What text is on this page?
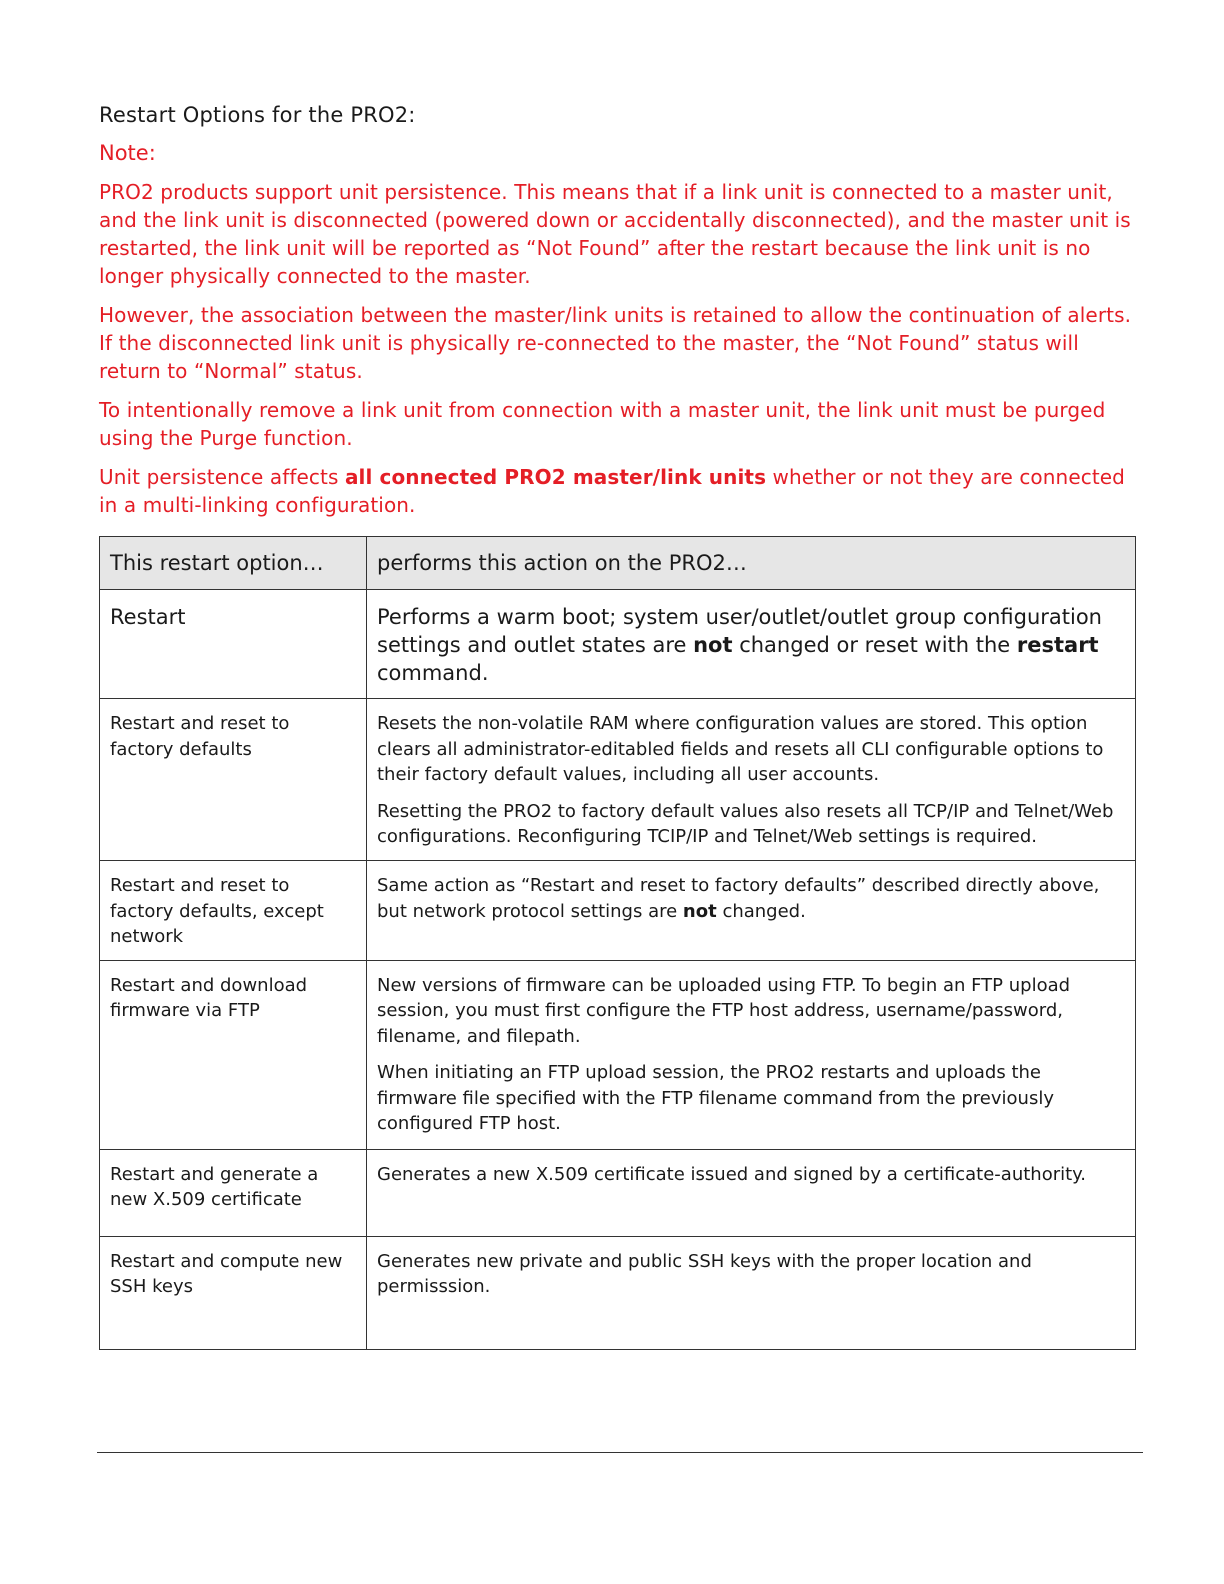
Restart Options for the PRO2:
Note:
PRO2 products support unit persistence. This means that if a link unit is connected to a master unit, and the link unit is disconnected (powered down or accidentally disconnected), and the master unit is restarted, the link unit will be reported as “Not Found” after the restart because the link unit is no longer physically connected to the master.
However, the association between the master/link units is retained to allow the continuation of alerts. If the disconnected link unit is physically re-connected to the master, the “Not Found” status will return to “Normal” status.
To intentionally remove a link unit from connection with a master unit, the link unit must be purged using the Purge function.
Unit persistence affects all connected PRO2 master/link units whether or not they are connected in a multi-linking configuration.
This restart option…	performs this action on the PRO2…
Restart	Performs a warm boot; system user/outlet/outlet group configuration settings and outlet states are not changed or reset with the restart command.
Restart and reset to factory defaults	Resets the non-volatile RAM where configuration values are stored. This option clears all administrator-editabled fields and resets all CLI configurable options to their factory default values, including all user accounts.
Resetting the PRO2 to factory default values also resets all TCP/IP and Telnet/Web configurations. Reconfiguring TCIP/IP and Telnet/Web settings is required.

Restart and reset to factory defaults, except network	Same action as “Restart and reset to factory defaults” described directly above, but network protocol settings are not changed.
Restart and download firmware via FTP	New versions of firmware can be uploaded using FTP. To begin an FTP upload session, you must first configure the FTP host address, username/password, filename, and filepath.
When initiating an FTP upload session, the PRO2 restarts and uploads the firmware file specified with the FTP filename command from the previously configured FTP host.

Restart and generate a new X.509 certificate	Generates a new X.509 certificate issued and signed by a certificate-authority.

Restart and compute new SSH keys	Generates new private and public SSH keys with the proper location and permisssion.
